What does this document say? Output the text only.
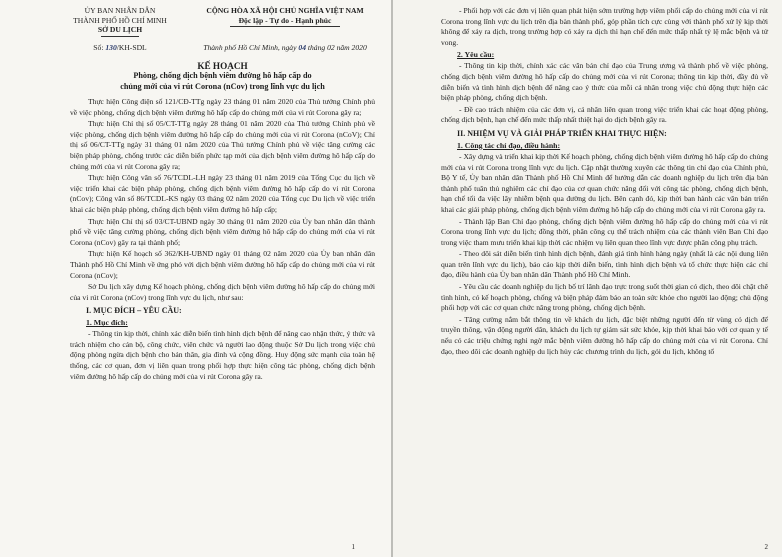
ỦY BAN NHÂN DÂN
THÀNH PHỐ HỒ CHÍ MINH
SỞ DU LỊCH
CỘNG HÒA XÃ HỘI CHỦ NGHĨA VIỆT NAM
Độc lập - Tự do - Hạnh phúc
Số: 130/KH-SDL	Thành phố Hồ Chí Minh, ngày 04 tháng 02 năm 2020
KẾ HOẠCH
Phòng, chống dịch bệnh viêm đường hô hấp cấp do
chủng mới của vi rút Corona (nCov) trong lĩnh vực du lịch

Thực hiện Công điện số 121/CĐ-TTg ngày 23 tháng 01 năm 2020 của Thủ tướng Chính phủ về việc phòng, chống dịch bệnh viêm đường hô hấp cấp do chủng mới của vi rút Corona gây ra;

Thực hiện Chỉ thị số 05/CT-TTg ngày 28 tháng 01 năm 2020 của Thủ tướng Chính phủ về việc phòng, chống dịch bệnh viêm đường hô hấp cấp do chủng mới của vi rút Corona (nCoV); Chỉ thị số 06/CT-TTg ngày 31 tháng 01 năm 2020 của Thủ tướng Chính phủ về việc tăng cường các biện pháp phòng, chống trước các diễn biến phức tạp mới của dịch bệnh viêm đường hô hấp cấp do chủng mới của vi rút Corona gây ra;

Thực hiện Công văn số 76/TCDL-LH ngày 23 tháng 01 năm 2019 của Tổng Cục du lịch về việc triển khai các biện pháp phòng, chống dịch bệnh viêm đường hô hấp cấp do vi rút Corona (nCov); Công văn số 86/TCDL-KS ngày 03 tháng 02 năm 2020 của Tổng cục Du lịch về việc triển khai các biện pháp phòng, chống dịch bệnh viêm đường hô hấp cấp;

Thực hiện Chỉ thị số 03/CT-UBND ngày 30 tháng 01 năm 2020 của Ủy ban nhân dân thành phố về việc tăng cường phòng, chống dịch bệnh viêm đường hô hấp cấp do chủng mới của vi rút Corona (nCov) gây ra tại thành phố;

Thực hiện Kế hoạch số 362/KH-UBND ngày 01 tháng 02 năm 2020 của Ủy ban nhân dân Thành phố Hồ Chí Minh về ứng phó với dịch bệnh viêm đường hô hấp cấp do chủng mới của vi rút Corona (nCov);

Sở Du lịch xây dựng Kế hoạch phòng, chống dịch bệnh viêm đường hô hấp cấp do chủng mới của vi rút Corona (nCov) trong lĩnh vực du lịch, như sau:

I. MỤC ĐÍCH – YÊU CẦU:
1. Mục đích:

- Thông tin kịp thời, chính xác diễn biến tình hình dịch bệnh để nâng cao nhận thức, ý thức và trách nhiệm cho cán bộ, công chức, viên chức và người lao động thuộc Sở Du lịch trong việc chủ động phòng ngừa dịch bệnh cho bản thân, gia đình và cộng đồng. Huy động sức mạnh của toàn hệ thống, các cơ quan, đơn vị liên quan trong phối hợp thực hiện công tác phòng, chống dịch bệnh viêm đường hô hấp cấp do chủng mới của vi rút Corona gây ra.

1

- Phối hợp với các đơn vị liên quan phát hiện sớm trường hợp viêm phổi cấp do chủng mới của vi rút Corona trong lĩnh vực du lịch trên địa bàn thành phố, góp phần tích cực cùng với thành phố xử lý kịp thời không để xảy ra dịch, trong trường hợp có xảy ra dịch thì hạn chế đến mức thấp nhất tỷ lệ mắc bệnh và tử vong.

2. Yêu cầu:

- Thông tin kịp thời, chính xác các văn bản chỉ đạo của Trung ương và thành phố về việc phòng, chống dịch bệnh viêm đường hô hấp cấp do chủng mới của vi rút Corona; thông tin kịp thời, đầy đủ về diễn biến và tình hình dịch bệnh để nâng cao ý thức của mỗi cá nhân trong việc chủ động thực hiện các biện pháp phòng, chống dịch bệnh.

- Đề cao trách nhiệm của các đơn vị, cá nhân liên quan trong việc triển khai các hoạt động phòng, chống dịch bệnh, hạn chế đến mức thấp nhất thiệt hại do dịch bệnh gây ra.

II. NHIỆM VỤ VÀ GIẢI PHÁP TRIỂN KHAI THỰC HIỆN:
1. Công tác chỉ đạo, điều hành:

- Xây dựng và triển khai kịp thời Kế hoạch phòng, chống dịch bệnh viêm đường hô hấp cấp do chủng mới của vi rút Corona trong lĩnh vực du lịch. Cập nhật thường xuyên các thông tin chỉ đạo của Chính phủ, Bộ Y tế, Ủy ban nhân dân Thành phố Hồ Chí Minh để hướng dẫn các doanh nghiệp du lịch trên địa bàn thành phố tuân thủ nghiêm các chỉ đạo của cơ quan chức năng đối với công tác phòng, chống dịch bệnh, hạn chế tối đa việc lây nhiễm bệnh qua đường du lịch. Bên cạnh đó, kịp thời ban hành các văn bản triển khai các giải pháp phòng, chống dịch bệnh viêm đường hô hấp cấp do chủng mới của vi rút Corona gây ra.

- Thành lập Ban Chỉ đạo phòng, chống dịch bệnh viêm đường hô hấp cấp do chủng mới của vi rút Corona trong lĩnh vực du lịch; đồng thời, phân công cụ thể trách nhiệm của các thành viên Ban Chỉ đạo trong việc tham mưu triển khai kịp thời các nhiệm vụ liên quan theo lĩnh vực được phân công phụ trách.

- Theo dõi sát diễn biến tình hình dịch bệnh, đánh giá tình hình hàng ngày (nhất là các nội dung liên quan trên lĩnh vực du lịch), báo cáo kịp thời diễn biến, tình hình dịch bệnh và tổ chức thực hiện các chỉ đạo, điều hành của Ủy ban nhân dân Thành phố Hồ Chí Minh.

- Yêu cầu các doanh nghiệp du lịch bố trí lãnh đạo trực trong suốt thời gian có dịch, theo dõi chặt chẽ tình hình, có kế hoạch phòng, chống và biện pháp đảm bảo an toàn sức khỏe cho người lao động; chủ động phối hợp với các cơ quan chức năng trong phòng, chống dịch bệnh.

- Tăng cường nắm bắt thông tin về khách du lịch, đặc biệt những người đến từ vùng có dịch để truyền thông, vận động người dân, khách du lịch tự giám sát sức khỏe, kịp thời khai báo với cơ quan y tế nếu có các triệu chứng nghi ngờ mắc bệnh viêm đường hô hấp cấp do chủng mới của vi rút Corona. Chỉ đạo, theo dõi các doanh nghiệp du lịch hủy các chương trình du lịch, gói du lịch, không tổ

2
